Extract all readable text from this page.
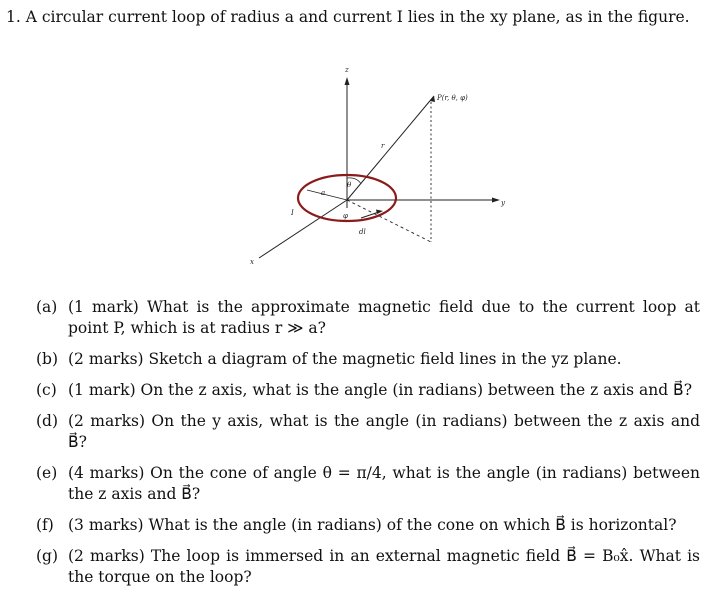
1. A circular current loop of radius a and current I lies in the xy plane, as in the figure.
z
y
x
P(r, θ, φ)
r
θ
a
φ
dl
I
(a) (1 mark) What is the approximate magnetic field due to the current loop at point P, which is at radius r ≫ a?
(b) (2 marks) Sketch a diagram of the magnetic field lines in the yz plane.
(c) (1 mark) On the z axis, what is the angle (in radians) between the z axis and B⃗?
(d) (2 marks) On the y axis, what is the angle (in radians) between the z axis and B⃗?
(e) (4 marks) On the cone of angle θ = π/4, what is the angle (in radians) between the z axis and B⃗?
(f) (3 marks) What is the angle (in radians) of the cone on which B⃗ is horizontal?
(g) (2 marks) The loop is immersed in an external magnetic field B⃗ = B₀x̂. What is the torque on the loop?
